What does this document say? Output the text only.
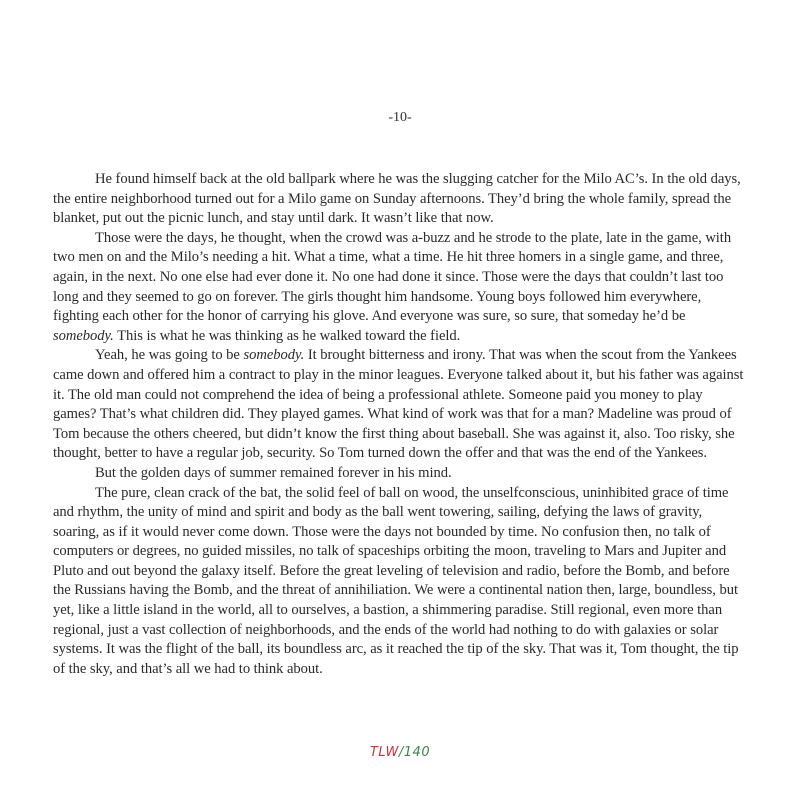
-10-

He found himself back at the old ballpark where he was the slugging catcher for the Milo AC’s. In the old days, the entire neighborhood turned out for a Milo game on Sunday afternoons. They’d bring the whole family, spread the blanket, put out the picnic lunch, and stay until dark. It wasn’t like that now.

Those were the days, he thought, when the crowd was a-buzz and he strode to the plate, late in the game, with two men on and the Milo’s needing a hit. What a time, what a time. He hit three homers in a single game, and three, again, in the next. No one else had ever done it. No one had done it since. Those were the days that couldn’t last too long and they seemed to go on forever. The girls thought him handsome. Young boys followed him everywhere, fighting each other for the honor of carrying his glove. And everyone was sure, so sure, that someday he’d be somebody. This is what he was thinking as he walked toward the field.

Yeah, he was going to be somebody. It brought bitterness and irony. That was when the scout from the Yankees came down and offered him a contract to play in the minor leagues. Everyone talked about it, but his father was against it. The old man could not comprehend the idea of being a professional athlete. Someone paid you money to play games? That’s what children did. They played games. What kind of work was that for a man? Madeline was proud of Tom because the others cheered, but didn’t know the first thing about baseball. She was against it, also. Too risky, she thought, better to have a regular job, security. So Tom turned down the offer and that was the end of the Yankees.

But the golden days of summer remained forever in his mind.

The pure, clean crack of the bat, the solid feel of ball on wood, the unselfconscious, uninhibited grace of time and rhythm, the unity of mind and spirit and body as the ball went towering, sailing, defying the laws of gravity, soaring, as if it would never come down. Those were the days not bounded by time. No confusion then, no talk of computers or degrees, no guided missiles, no talk of spaceships orbiting the moon, traveling to Mars and Jupiter and Pluto and out beyond the galaxy itself. Before the great leveling of television and radio, before the Bomb, and before the Russians having the Bomb, and the threat of annihiliation. We were a continental nation then, large, boundless, but yet, like a little island in the world, all to ourselves, a bastion, a shimmering paradise. Still regional, even more than regional, just a vast collection of neighborhoods, and the ends of the world had nothing to do with galaxies or solar systems. It was the flight of the ball, its boundless arc, as it reached the tip of the sky. That was it, Tom thought, the tip of the sky, and that’s all we had to think about.

TLW/140
